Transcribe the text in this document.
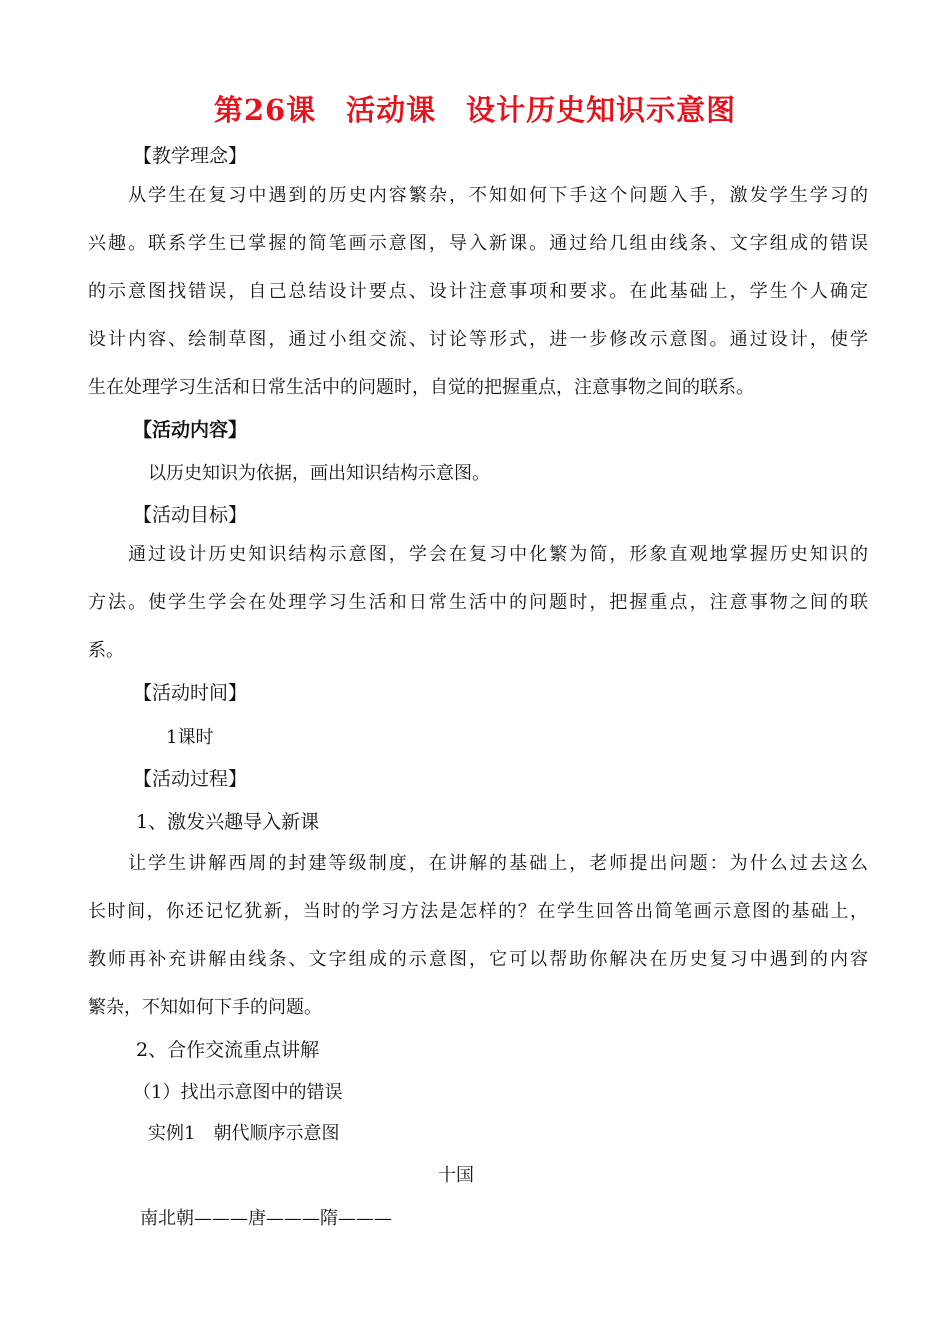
第26课　活动课　设计历史知识示意图
【教学理念】
　　从学生在复习中遇到的历史内容繁杂，不知如何下手这个问题入手，激发学生学习的
兴趣。联系学生已掌握的简笔画示意图，导入新课。通过给几组由线条、文字组成的错误
的示意图找错误，自己总结设计要点、设计注意事项和要求。在此基础上，学生个人确定
设计内容、绘制草图，通过小组交流、讨论等形式，进一步修改示意图。通过设计，使学
生在处理学习生活和日常生活中的问题时，自觉的把握重点，注意事物之间的联系。
【活动内容】
以历史知识为依据，画出知识结构示意图。
【活动目标】
　　通过设计历史知识结构示意图，学会在复习中化繁为简，形象直观地掌握历史知识的
方法。使学生学会在处理学习生活和日常生活中的问题时，把握重点，注意事物之间的联
系。
【活动时间】
1课时
【活动过程】
1、激发兴趣导入新课
　　让学生讲解西周的封建等级制度，在讲解的基础上，老师提出问题：为什么过去这么
长时间，你还记忆犹新，当时的学习方法是怎样的？在学生回答出简笔画示意图的基础上，
教师再补充讲解由线条、文字组成的示意图，它可以帮助你解决在历史复习中遇到的内容
繁杂，不知如何下手的问题。
2、合作交流重点讲解
（1）找出示意图中的错误
实例1　朝代顺序示意图
十国
南北朝———唐———隋———
